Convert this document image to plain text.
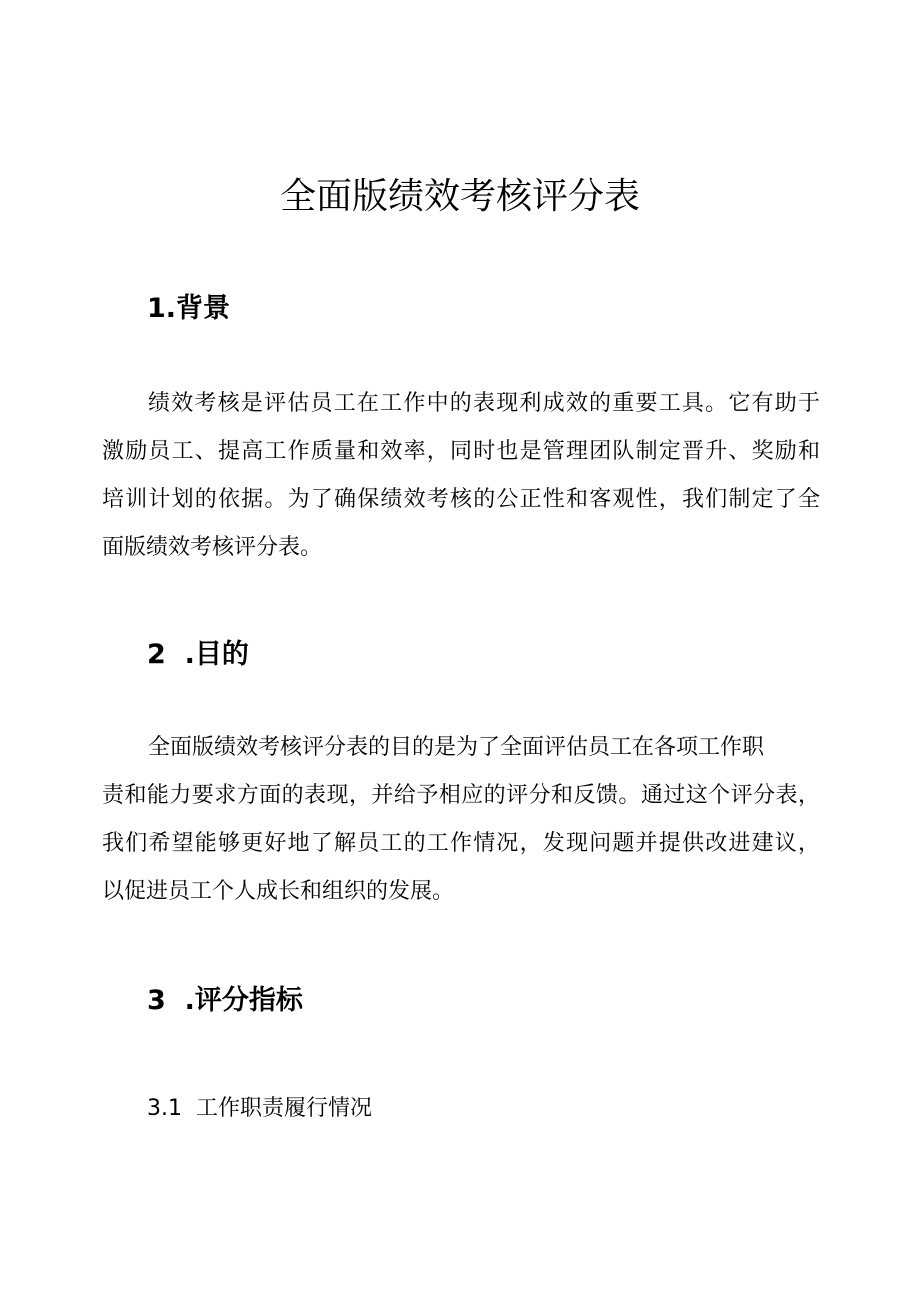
全面版绩效考核评分表
1.背景
绩效考核是评估员工在工作中的表现利成效的重要工具。它有助于
激励员工、提高工作质量和效率，同时也是管理团队制定晋升、奖励和
培训计划的依据。为了确保绩效考核的公正性和客观性，我们制定了全
面版绩效考核评分表。
2  .目的
全面版绩效考核评分表的目的是为了全面评估员工在各项工作职
责和能力要求方面的表现，并给予相应的评分和反馈。通过这个评分表，
我们希望能够更好地了解员工的工作情况，发现问题并提供改进建议，
以促进员工个人成长和组织的发展。
3  .评分指标
3.1  工作职责履行情况
